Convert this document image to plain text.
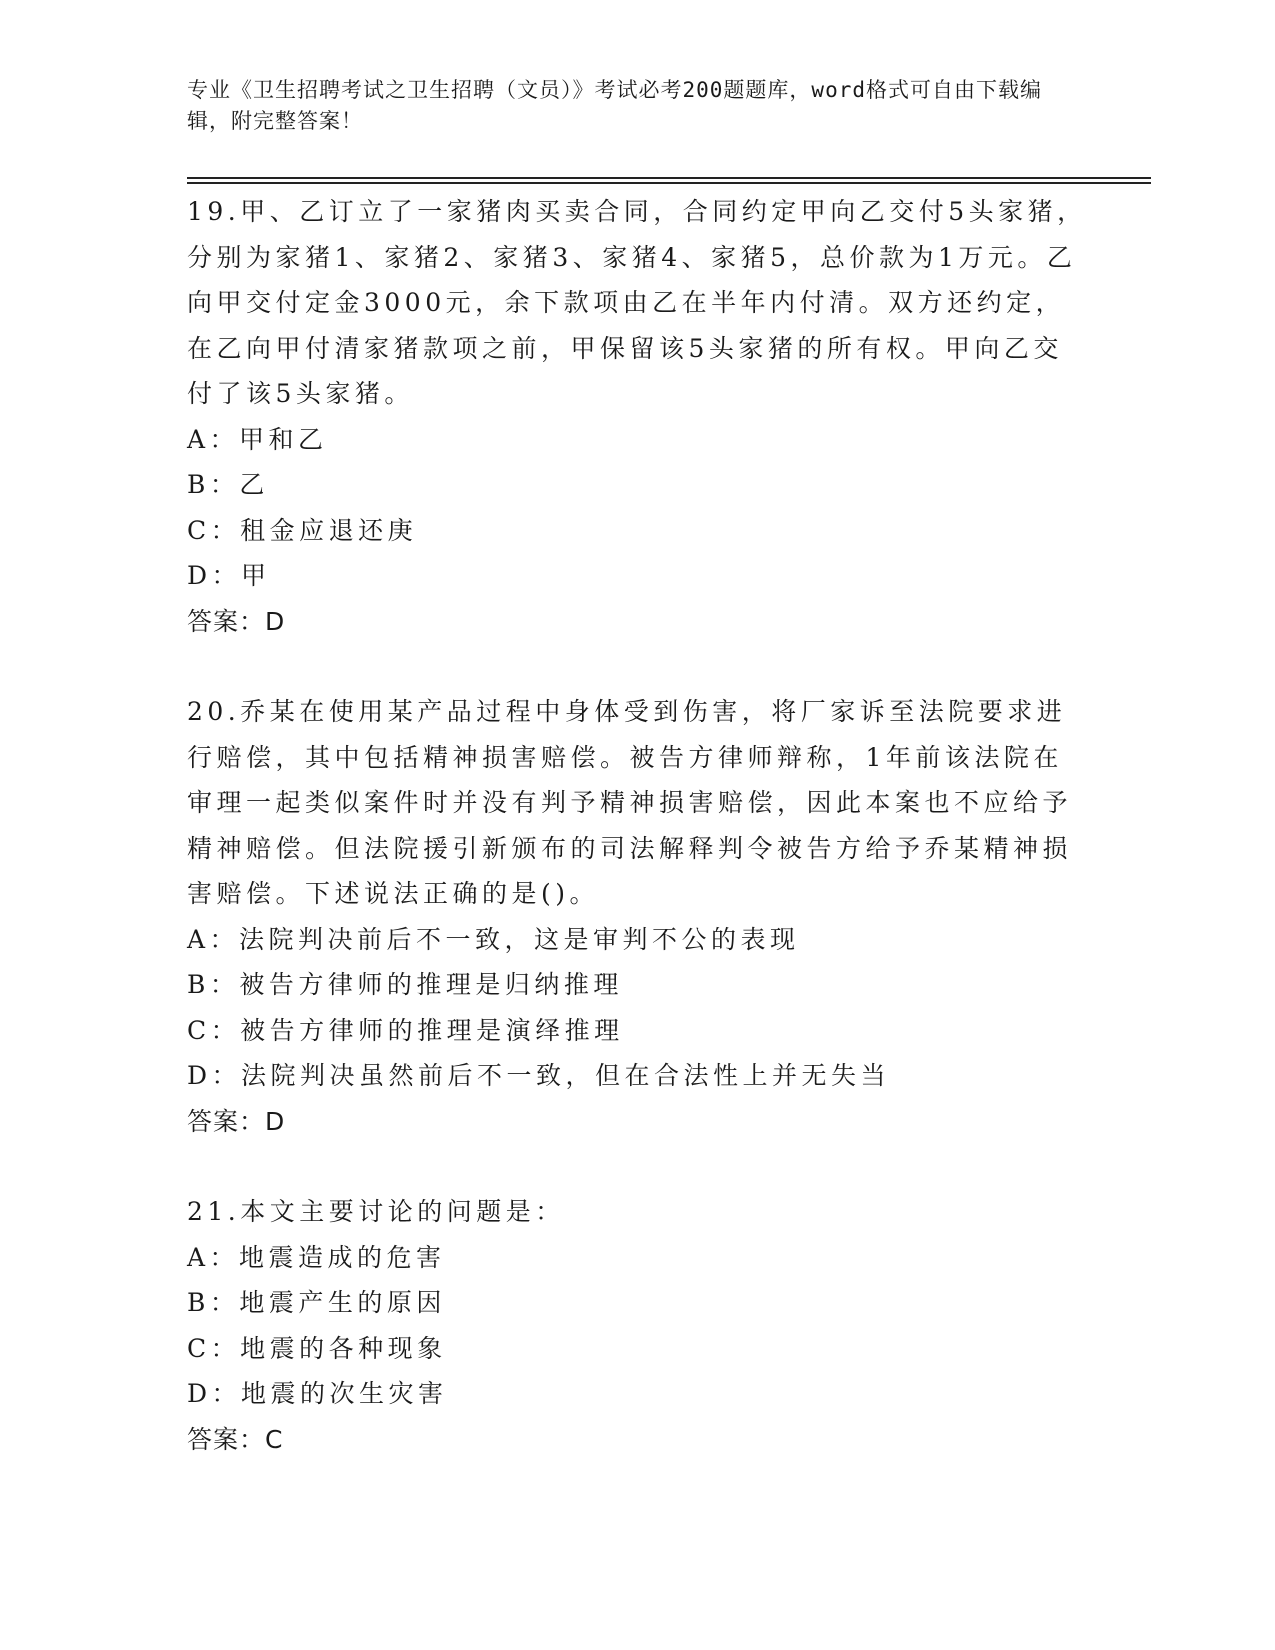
专业《卫生招聘考试之卫生招聘（文员）》考试必考200题题库，word格式可自由下载编辑，附完整答案！
19.甲、乙订立了一家猪肉买卖合同，合同约定甲向乙交付5头家猪，分别为家猪1、家猪2、家猪3、家猪4、家猪5，总价款为1万元。乙向甲交付定金3000元，余下款项由乙在半年内付清。双方还约定，在乙向甲付清家猪款项之前，甲保留该5头家猪的所有权。甲向乙交付了该5头家猪。
A：甲和乙
B：乙
C：租金应退还庚
D：甲
答案：D
20.乔某在使用某产品过程中身体受到伤害，将厂家诉至法院要求进行赔偿，其中包括精神损害赔偿。被告方律师辩称，1年前该法院在审理一起类似案件时并没有判予精神损害赔偿，因此本案也不应给予精神赔偿。但法院援引新颁布的司法解释判令被告方给予乔某精神损害赔偿。下述说法正确的是()。
A：法院判决前后不一致，这是审判不公的表现
B：被告方律师的推理是归纳推理
C：被告方律师的推理是演绎推理
D：法院判决虽然前后不一致，但在合法性上并无失当
答案：D
21.本文主要讨论的问题是：
A：地震造成的危害
B：地震产生的原因
C：地震的各种现象
D：地震的次生灾害
答案：C
